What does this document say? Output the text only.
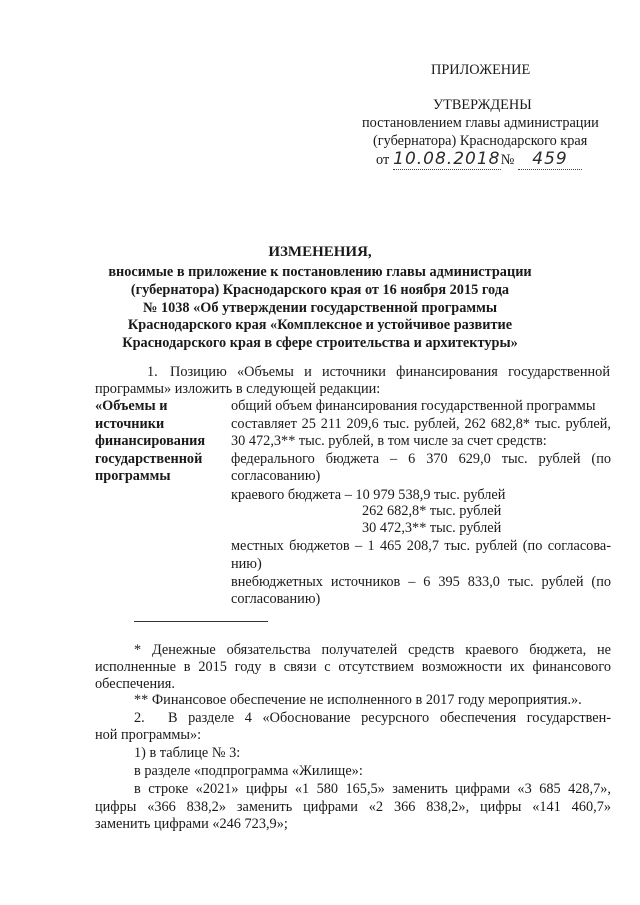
ПРИЛОЖЕНИЕ
УТВЕРЖДЕНЫ
постановлением главы администрации
(губернатора) Краснодарского края
от 10.08.2018№ 459
ИЗМЕНЕНИЯ,
вносимые в приложение к постановлению главы администрации
(губернатора) Краснодарского края от 16 ноября 2015 года
№ 1038 «Об утверждении государственной программы
Краснодарского края «Комплексное и устойчивое развитие
Краснодарского края в сфере строительства и архитектуры»
1. Позицию «Объемы и источники финансирования государственной
программы» изложить в следующей редакции:
«Объемы и
источники
финансирования
государственной
программы
общий объем финансирования государственной программы
составляет 25 211 209,6 тыс. рублей, 262 682,8* тыс. рублей,
30 472,3** тыс. рублей, в том числе за счет средств:
федерального бюджета – 6 370 629,0 тыс. рублей (по
согласованию)
краевого бюджета – 10 979 538,9 тыс. рублей
262 682,8* тыс. рублей
30 472,3** тыс. рублей
местных бюджетов – 1 465 208,7 тыс. рублей (по согласова-
нию)
внебюджетных источников – 6 395 833,0 тыс. рублей (по
согласованию)
* Денежные обязательства получателей средств краевого бюджета, не
исполненные в 2015 году в связи с отсутствием возможности их финансового
обеспечения.
** Финансовое обеспечение не исполненного в 2017 году мероприятия.».
2. В разделе 4 «Обоснование ресурсного обеспечения государствен-
ной программы»:
1) в таблице № 3:
в разделе «подпрограмма «Жилище»:
в строке «2021» цифры «1 580 165,5» заменить цифрами «3 685 428,7»,
цифры «366 838,2» заменить цифрами «2 366 838,2», цифры «141 460,7»
заменить цифрами «246 723,9»;
